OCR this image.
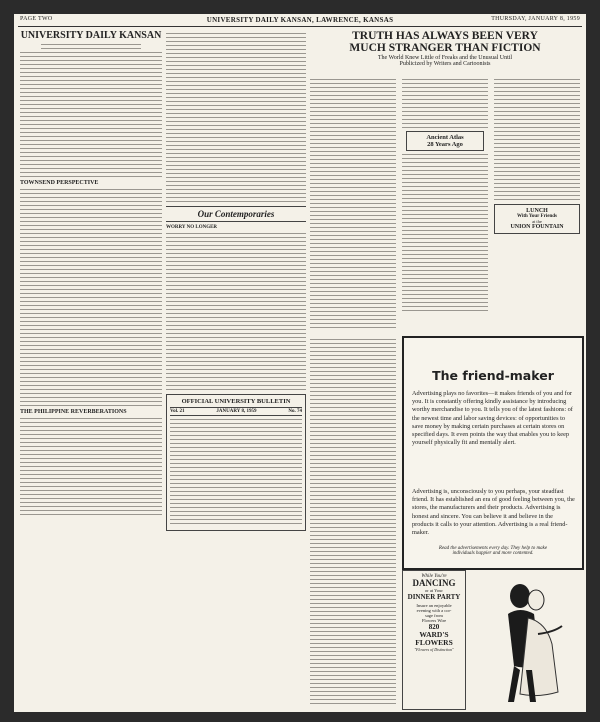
PAGE TWO	UNIVERSITY DAILY KANSAN, LAWRENCE, KANSAS	THURSDAY, JANUARY 8, 1959
UNIVERSITY DAILY KANSAN
TOWNSEND PERSPECTIVE
THE PHILIPPINE REVERBERATIONS
Our Contemporaries
WORRY NO LONGER
OFFICIAL UNIVERSITY BULLETIN
Vol. 21	JANUARY 8, 1959	No. 74
TRUTH HAS ALWAYS BEEN VERY
MUCH STRANGER THAN FICTION
The World Knew Little of Freaks and the Unusual Until
Publicized by Writers and Cartoonists
Ancient Atlas
28 Years Ago
LUNCH
With Your Friends
at the
UNION FOUNTAIN
The friend-maker
Advertising plays no favorites—it makes friends of you and for you. It is constantly offering kindly assistance by introducing worthy merchandise to you. It tells you of the latest fashions: of the newest time and labor saving devices: of opportunities to save money by making certain purchases at certain stores on specified days. It even points the way that enables you to keep yourself physically fit and mentally alert.
Advertising is, unconsciously to you perhaps, your steadfast friend. It has established an era of good feeling between you, the stores, the manufacturers and their products. Advertising is honest and sincere. You can believe it and believe in the products it calls to your attention. Advertising is a real friend-maker.
Read the advertisements every day. They help to make
individuals happier and more contented.
While You're
DANCING
or at Your
DINNER PARTY
Insure an enjoyable
evening with a cor-
sage from
Flowers Wire
820
WARD'S FLOWERS
"Flowers of Distinction"
